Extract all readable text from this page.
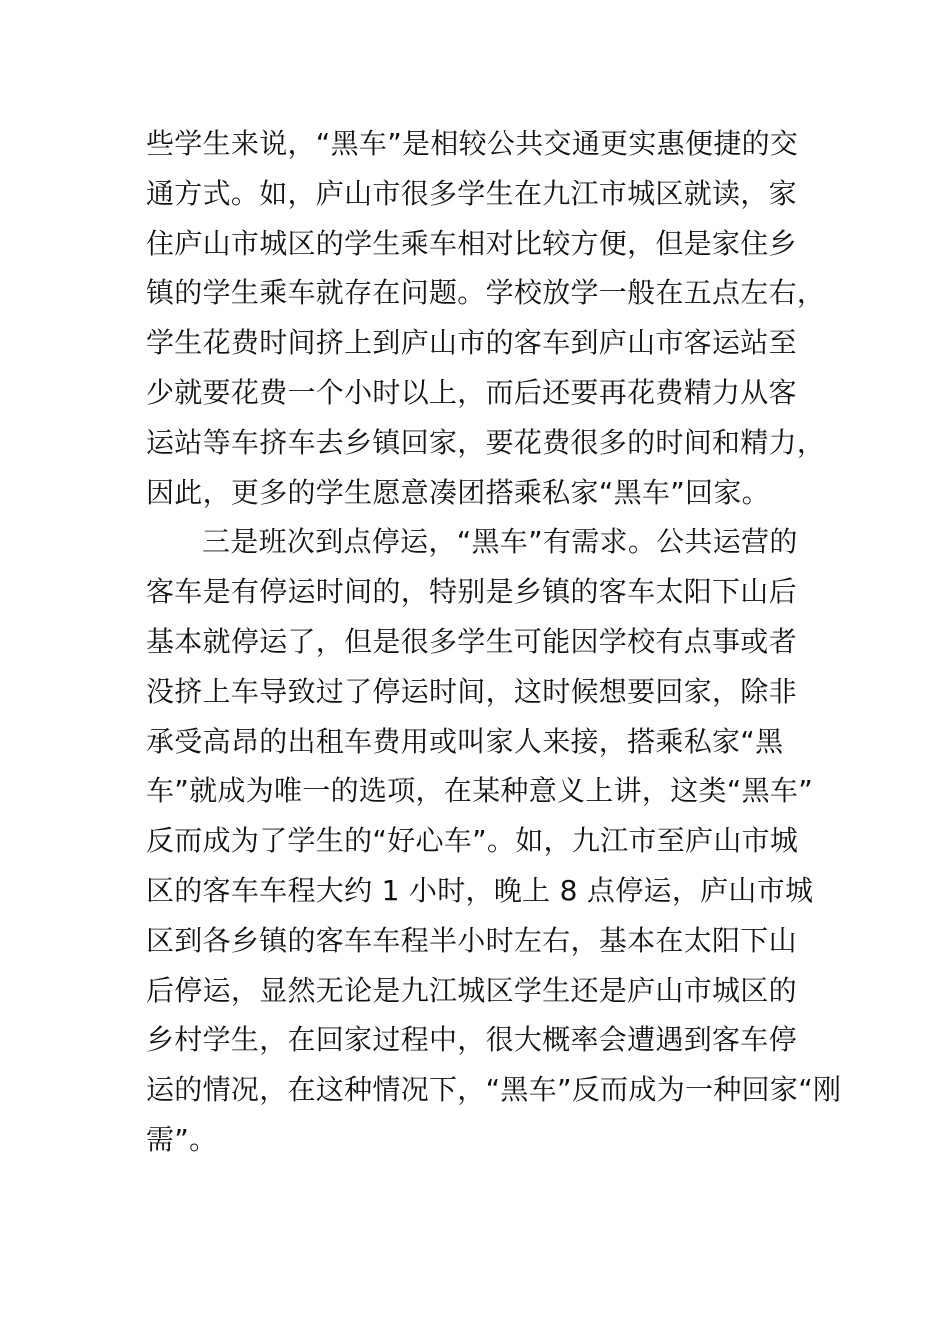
些学生来说，“黑车”是相较公共交通更实惠便捷的交
通方式。如，庐山市很多学生在九江市城区就读，家
住庐山市城区的学生乘车相对比较方便，但是家住乡
镇的学生乘车就存在问题。学校放学一般在五点左右，
学生花费时间挤上到庐山市的客车到庐山市客运站至
少就要花费一个小时以上，而后还要再花费精力从客
运站等车挤车去乡镇回家，要花费很多的时间和精力，
因此，更多的学生愿意凑团搭乘私家“黑车”回家。
三是班次到点停运，“黑车”有需求。公共运营的
客车是有停运时间的，特别是乡镇的客车太阳下山后
基本就停运了，但是很多学生可能因学校有点事或者
没挤上车导致过了停运时间，这时候想要回家，除非
承受高昂的出租车费用或叫家人来接，搭乘私家“黑
车”就成为唯一的选项，在某种意义上讲，这类“黑车”
反而成为了学生的“好心车”。如，九江市至庐山市城
区的客车车程大约 1 小时，晚上 8 点停运，庐山市城
区到各乡镇的客车车程半小时左右，基本在太阳下山
后停运，显然无论是九江城区学生还是庐山市城区的
乡村学生，在回家过程中，很大概率会遭遇到客车停
运的情况，在这种情况下，“黑车”反而成为一种回家“刚
需”。
